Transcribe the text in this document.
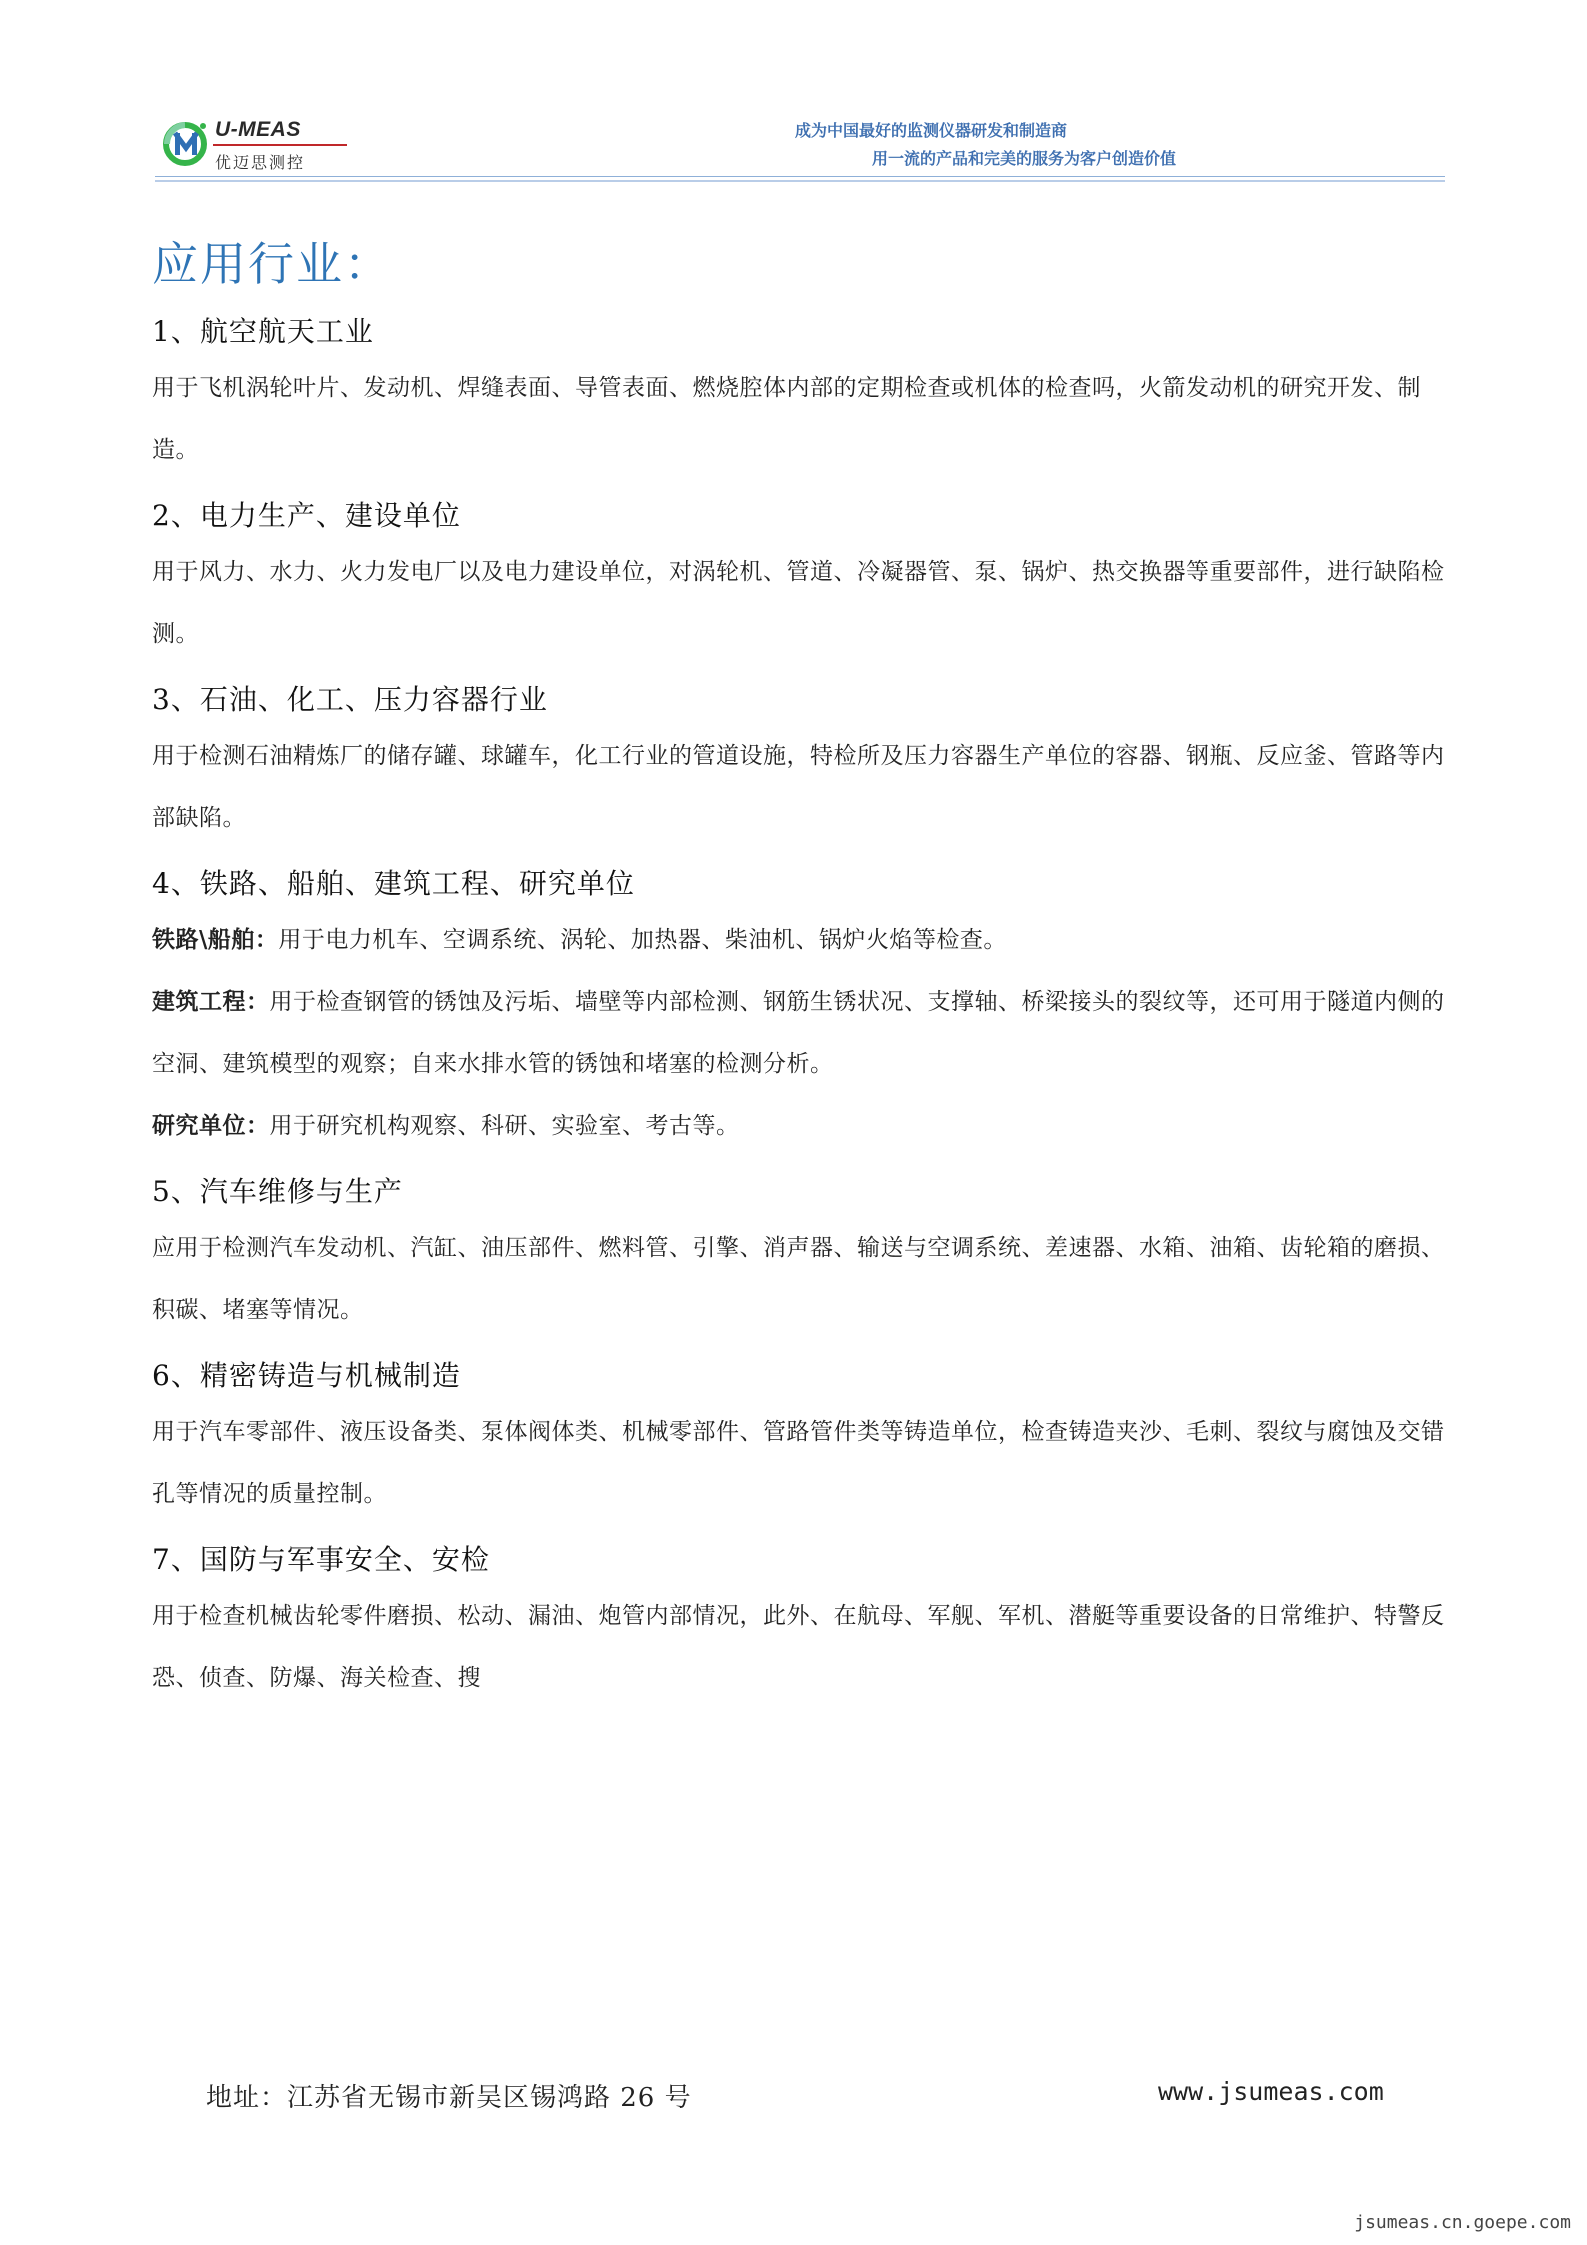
U-MEAS
优迈思测控
成为中国最好的监测仪器研发和制造商
用一流的产品和完美的服务为客户创造价值
应用行业：
1、航空航天工业
用于飞机涡轮叶片、发动机、焊缝表面、导管表面、燃烧腔体内部的定期检查或机体的检查吗，火箭发动机的研究开发、制造。
2、电力生产、建设单位
用于风力、水力、火力发电厂以及电力建设单位，对涡轮机、管道、冷凝器管、泵、锅炉、热交换器等重要部件，进行缺陷检测。
3、石油、化工、压力容器行业
用于检测石油精炼厂的储存罐、球罐车，化工行业的管道设施，特检所及压力容器生产单位的容器、钢瓶、反应釜、管路等内部缺陷。
4、铁路、船舶、建筑工程、研究单位
铁路\船舶：用于电力机车、空调系统、涡轮、加热器、柴油机、锅炉火焰等检查。
建筑工程：用于检查钢管的锈蚀及污垢、墙壁等内部检测、钢筋生锈状况、支撑轴、桥梁接头的裂纹等，还可用于隧道内侧的空洞、建筑模型的观察；自来水排水管的锈蚀和堵塞的检测分析。
研究单位：用于研究机构观察、科研、实验室、考古等。
5、汽车维修与生产
应用于检测汽车发动机、汽缸、油压部件、燃料管、引擎、消声器、输送与空调系统、差速器、水箱、油箱、齿轮箱的磨损、积碳、堵塞等情况。
6、精密铸造与机械制造
用于汽车零部件、液压设备类、泵体阀体类、机械零部件、管路管件类等铸造单位，检查铸造夹沙、毛刺、裂纹与腐蚀及交错孔等情况的质量控制。
7、国防与军事安全、安检
用于检查机械齿轮零件磨损、松动、漏油、炮管内部情况，此外、在航母、军舰、军机、潜艇等重要设备的日常维护、特警反恐、侦查、防爆、海关检查、搜
地址：江苏省无锡市新吴区锡鸿路 26 号	www.jsumeas.com
jsumeas.cn.goepe.com
